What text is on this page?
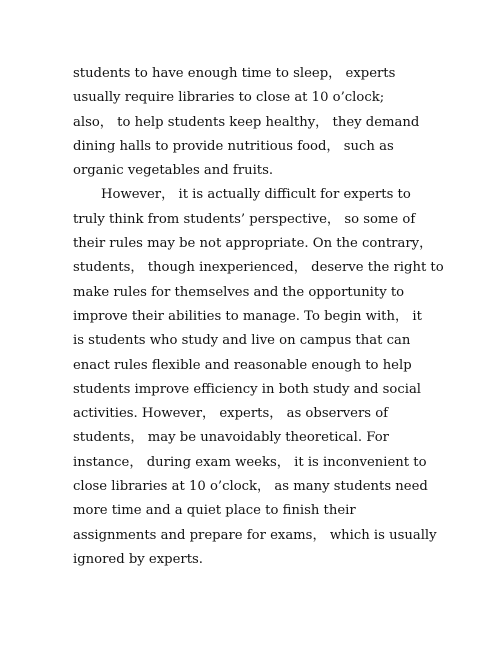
students to have enough time to sleep， experts
usually require libraries to close at 10 o’clock;
also， to help students keep healthy， they demand
dining halls to provide nutritious food， such as
organic vegetables and fruits.
However， it is actually difficult for experts to
truly think from students’ perspective， so some of
their rules may be not appropriate. On the contrary，
students， though inexperienced， deserve the right to
make rules for themselves and the opportunity to
improve their abilities to manage. To begin with， it
is students who study and live on campus that can
enact rules flexible and reasonable enough to help
students improve efficiency in both study and social
activities. However， experts， as observers of
students， may be unavoidably theoretical. For
instance， during exam weeks， it is inconvenient to
close libraries at 10 o’clock， as many students need
more time and a quiet place to finish their
assignments and prepare for exams， which is usually
ignored by experts.
